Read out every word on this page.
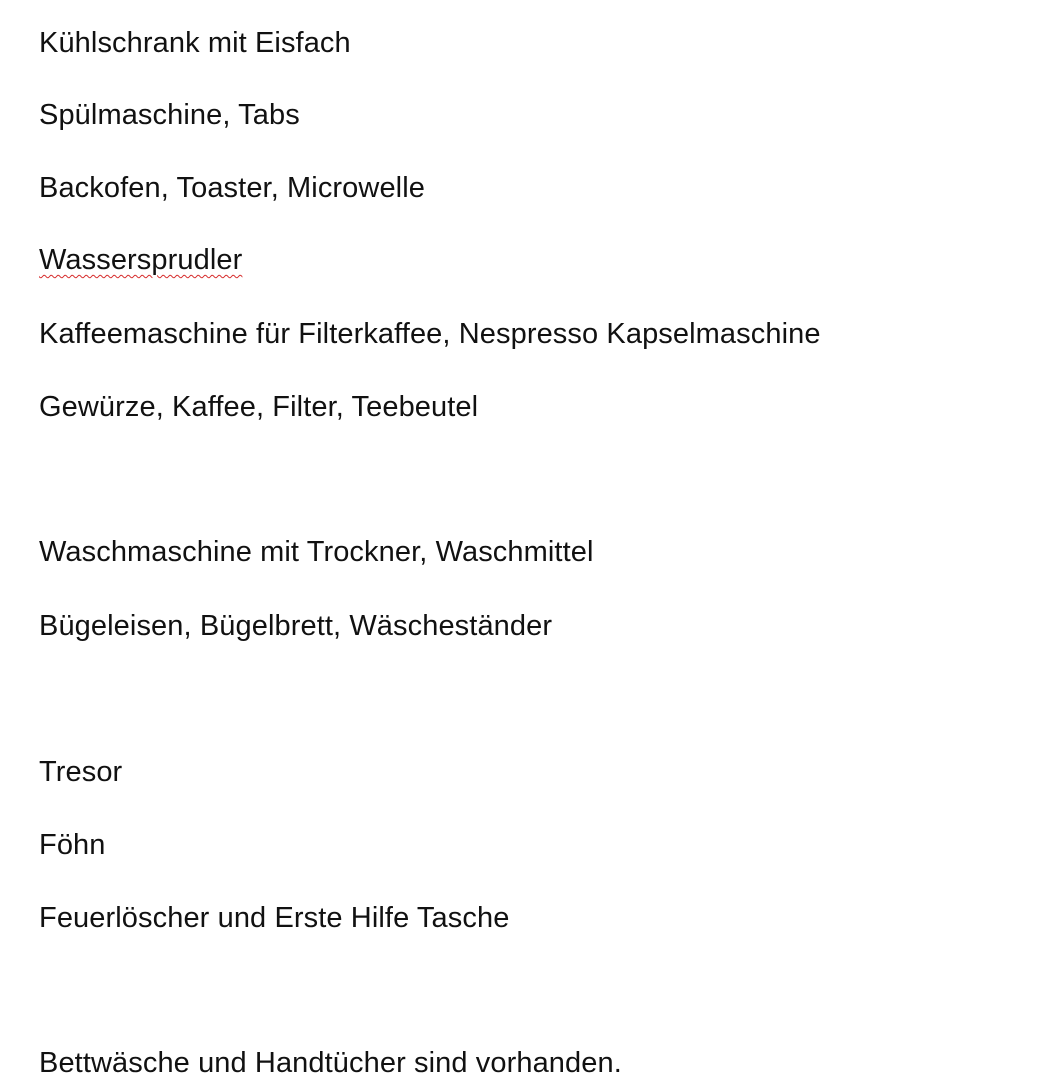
Kühlschrank mit Eisfach

Spülmaschine, Tabs

Backofen, Toaster, Microwelle

Wassersprudler

Kaffeemaschine für Filterkaffee, Nespresso Kapselmaschine

Gewürze, Kaffee, Filter, Teebeutel

Waschmaschine mit Trockner, Waschmittel

Bügeleisen, Bügelbrett, Wäscheständer

Tresor

Föhn

Feuerlöscher und Erste Hilfe Tasche

Bettwäsche und Handtücher sind vorhanden.
